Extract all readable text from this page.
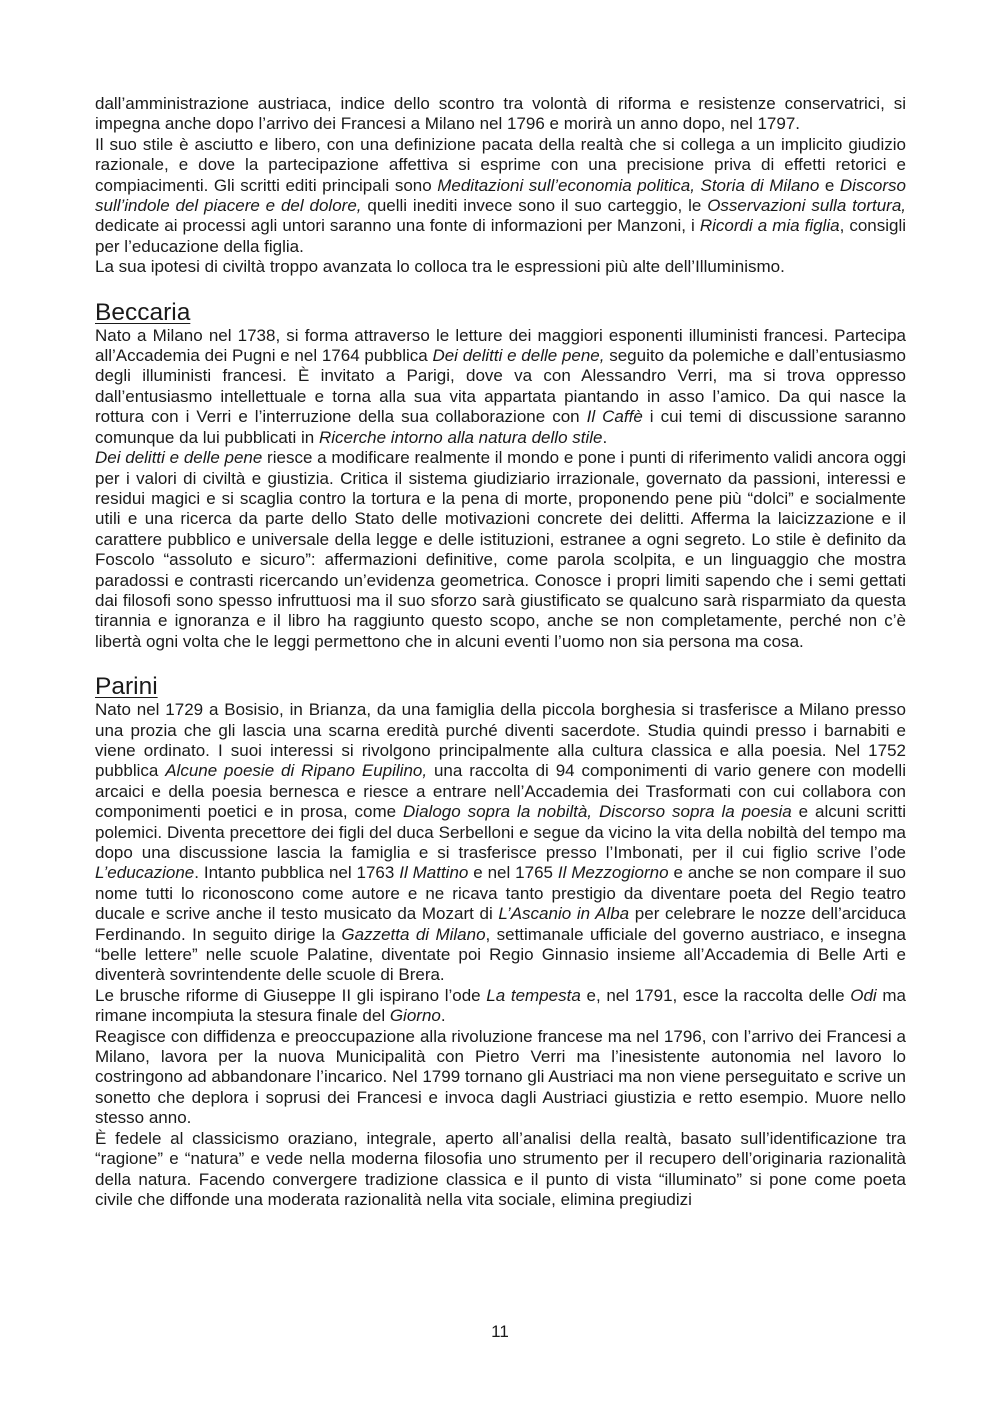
dall’amministrazione austriaca, indice dello scontro tra volontà di riforma e resistenze conservatrici, si impegna anche dopo l’arrivo dei Francesi a Milano nel 1796 e morirà un anno dopo, nel 1797.

Il suo stile è asciutto e libero, con una definizione pacata della realtà che si collega a un implicito giudizio razionale, e dove la partecipazione affettiva si esprime con una precisione priva di effetti retorici e compiacimenti. Gli scritti editi principali sono Meditazioni sull’economia politica, Storia di Milano e Discorso sull’indole del piacere e del dolore, quelli inediti invece sono il suo carteggio, le Osservazioni sulla tortura, dedicate ai processi agli untori saranno una fonte di informazioni per Manzoni, i Ricordi a mia figlia, consigli per l’educazione della figlia.

La sua ipotesi di civiltà troppo avanzata lo colloca tra le espressioni più alte dell’Illuminismo.

Beccaria

Nato a Milano nel 1738, si forma attraverso le letture dei maggiori esponenti illuministi francesi. Partecipa all’Accademia dei Pugni e nel 1764 pubblica Dei delitti e delle pene, seguito da polemiche e dall’entusiasmo degli illuministi francesi. È invitato a Parigi, dove va con Alessandro Verri, ma si trova oppresso dall’entusiasmo intellettuale e torna alla sua vita appartata piantando in asso l’amico. Da qui nasce la rottura con i Verri e l’interruzione della sua collaborazione con Il Caffè i cui temi di discussione saranno comunque da lui pubblicati in Ricerche intorno alla natura dello stile.

Dei delitti e delle pene riesce a modificare realmente il mondo e pone i punti di riferimento validi ancora oggi per i valori di civiltà e giustizia. Critica il sistema giudiziario irrazionale, governato da passioni, interessi e residui magici e si scaglia contro la tortura e la pena di morte, proponendo pene più “dolci” e socialmente utili e una ricerca da parte dello Stato delle motivazioni concrete dei delitti. Afferma la laicizzazione e il carattere pubblico e universale della legge e delle istituzioni, estranee a ogni segreto. Lo stile è definito da Foscolo “assoluto e sicuro”: affermazioni definitive, come parola scolpita, e un linguaggio che mostra paradossi e contrasti ricercando un’evidenza geometrica. Conosce i propri limiti sapendo che i semi gettati dai filosofi sono spesso infruttuosi ma il suo sforzo sarà giustificato se qualcuno sarà risparmiato da questa tirannia e ignoranza e il libro ha raggiunto questo scopo, anche se non completamente, perché non c’è libertà ogni volta che le leggi permettono che in alcuni eventi l’uomo non sia persona ma cosa.

Parini

Nato nel 1729 a Bosisio, in Brianza, da una famiglia della piccola borghesia si trasferisce a Milano presso una prozia che gli lascia una scarna eredità purché diventi sacerdote. Studia quindi presso i barnabiti e viene ordinato. I suoi interessi si rivolgono principalmente alla cultura classica e alla poesia. Nel 1752 pubblica Alcune poesie di Ripano Eupilino, una raccolta di 94 componimenti di vario genere con modelli arcaici e della poesia bernesca e riesce a entrare nell’Accademia dei Trasformati con cui collabora con componimenti poetici e in prosa, come Dialogo sopra la nobiltà, Discorso sopra la poesia e alcuni scritti polemici. Diventa precettore dei figli del duca Serbelloni e segue da vicino la vita della nobiltà del tempo ma dopo una discussione lascia la famiglia e si trasferisce presso l’Imbonati, per il cui figlio scrive l’ode L’educazione. Intanto pubblica nel 1763 Il Mattino e nel 1765 Il Mezzogiorno e anche se non compare il suo nome tutti lo riconoscono come autore e ne ricava tanto prestigio da diventare poeta del Regio teatro ducale e scrive anche il testo musicato da Mozart di L’Ascanio in Alba per celebrare le nozze dell’arciduca Ferdinando. In seguito dirige la Gazzetta di Milano, settimanale ufficiale del governo austriaco, e insegna “belle lettere” nelle scuole Palatine, diventate poi Regio Ginnasio insieme all’Accademia di Belle Arti e diventerà sovrintendente delle scuole di Brera.

Le brusche riforme di Giuseppe II gli ispirano l’ode La tempesta e, nel 1791, esce la raccolta delle Odi ma rimane incompiuta la stesura finale del Giorno.

Reagisce con diffidenza e preoccupazione alla rivoluzione francese ma nel 1796, con l’arrivo dei Francesi a Milano, lavora per la nuova Municipalità con Pietro Verri ma l’inesistente autonomia nel lavoro lo costringono ad abbandonare l’incarico. Nel 1799 tornano gli Austriaci ma non viene perseguitato e scrive un sonetto che deplora i soprusi dei Francesi e invoca dagli Austriaci giustizia e retto esempio. Muore nello stesso anno.

È fedele al classicismo oraziano, integrale, aperto all’analisi della realtà, basato sull’identificazione tra “ragione” e “natura” e vede nella moderna filosofia uno strumento per il recupero dell’originaria razionalità della natura. Facendo convergere tradizione classica e il punto di vista “illuminato” si pone come poeta civile che diffonde una moderata razionalità nella vita sociale, elimina pregiudizi

11
